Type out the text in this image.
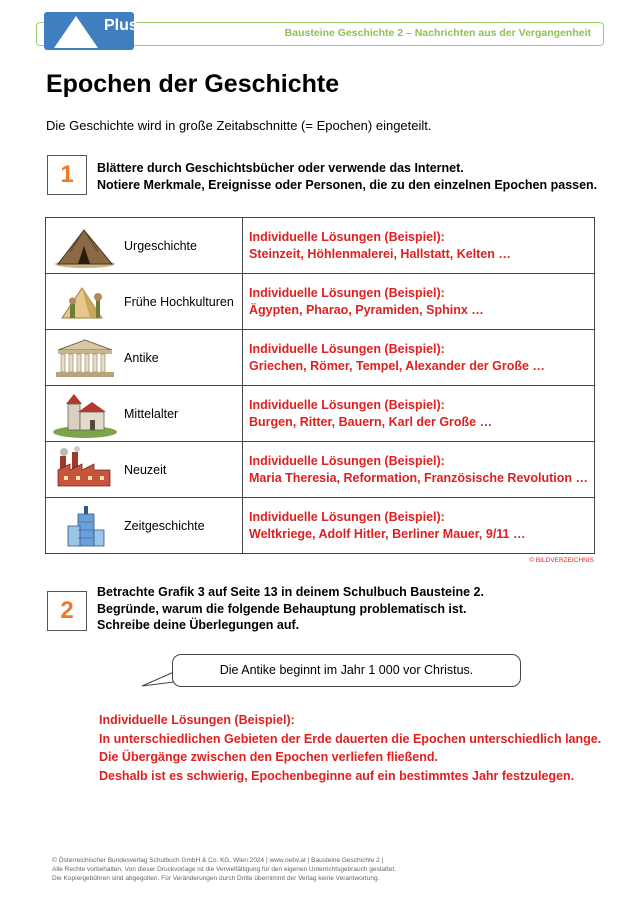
Bausteine Geschichte 2 – Nachrichten aus der Vergangenheit
Plus
Epochen der Geschichte
Die Geschichte wird in große Zeitabschnitte (= Epochen) eingeteilt.
1	Blättere durch Geschichtsbücher oder verwende das Internet.
Notiere Merkmale, Ereignisse oder Personen, die zu den einzelnen Epochen passen.
Urgeschichte	Individuelle Lösungen (Beispiel):
Steinzeit, Höhlenmalerei, Hallstatt, Kelten …

Frühe Hochkulturen	Individuelle Lösungen (Beispiel):
Ägypten, Pharao, Pyramiden, Sphinx …

Antike	Individuelle Lösungen (Beispiel):
Griechen, Römer, Tempel, Alexander der Große …

Mittelalter	Individuelle Lösungen (Beispiel):
Burgen, Ritter, Bauern, Karl der Große …

Neuzeit	Individuelle Lösungen (Beispiel):
Maria Theresia, Reformation, Französische Revolution …

Zeitgeschichte	Individuelle Lösungen (Beispiel):
Weltkriege, Adolf Hitler, Berliner Mauer, 9/11 …
© BILDVERZEICHNIS
2
Betrachte Grafik 3 auf Seite 13 in deinem Schulbuch Bausteine 2.
Begründe, warum die folgende Behauptung problematisch ist.
Schreibe deine Überlegungen auf.
Die Antike beginnt im Jahr 1 000 vor Christus.
Individuelle Lösungen (Beispiel):
In unterschiedlichen Gebieten der Erde dauerten die Epochen unterschiedlich lange.
Die Übergänge zwischen den Epochen verliefen fließend.
Deshalb ist es schwierig, Epochenbeginne auf ein bestimmtes Jahr festzulegen.
© Österreichischer Bundesverlag Schulbuch GmbH & Co. KG, Wien 2024 | www.oebv.at | Bausteine Geschichte 2 |
Alle Rechte vorbehalten. Von dieser Druckvorlage ist die Vervielfältigung für den eigenen Unterrichtsgebrauch gestattet.
Die Kopiergebühren sind abgegolten. Für Veränderungen durch Dritte übernimmt der Verlag keine Verantwortung.
